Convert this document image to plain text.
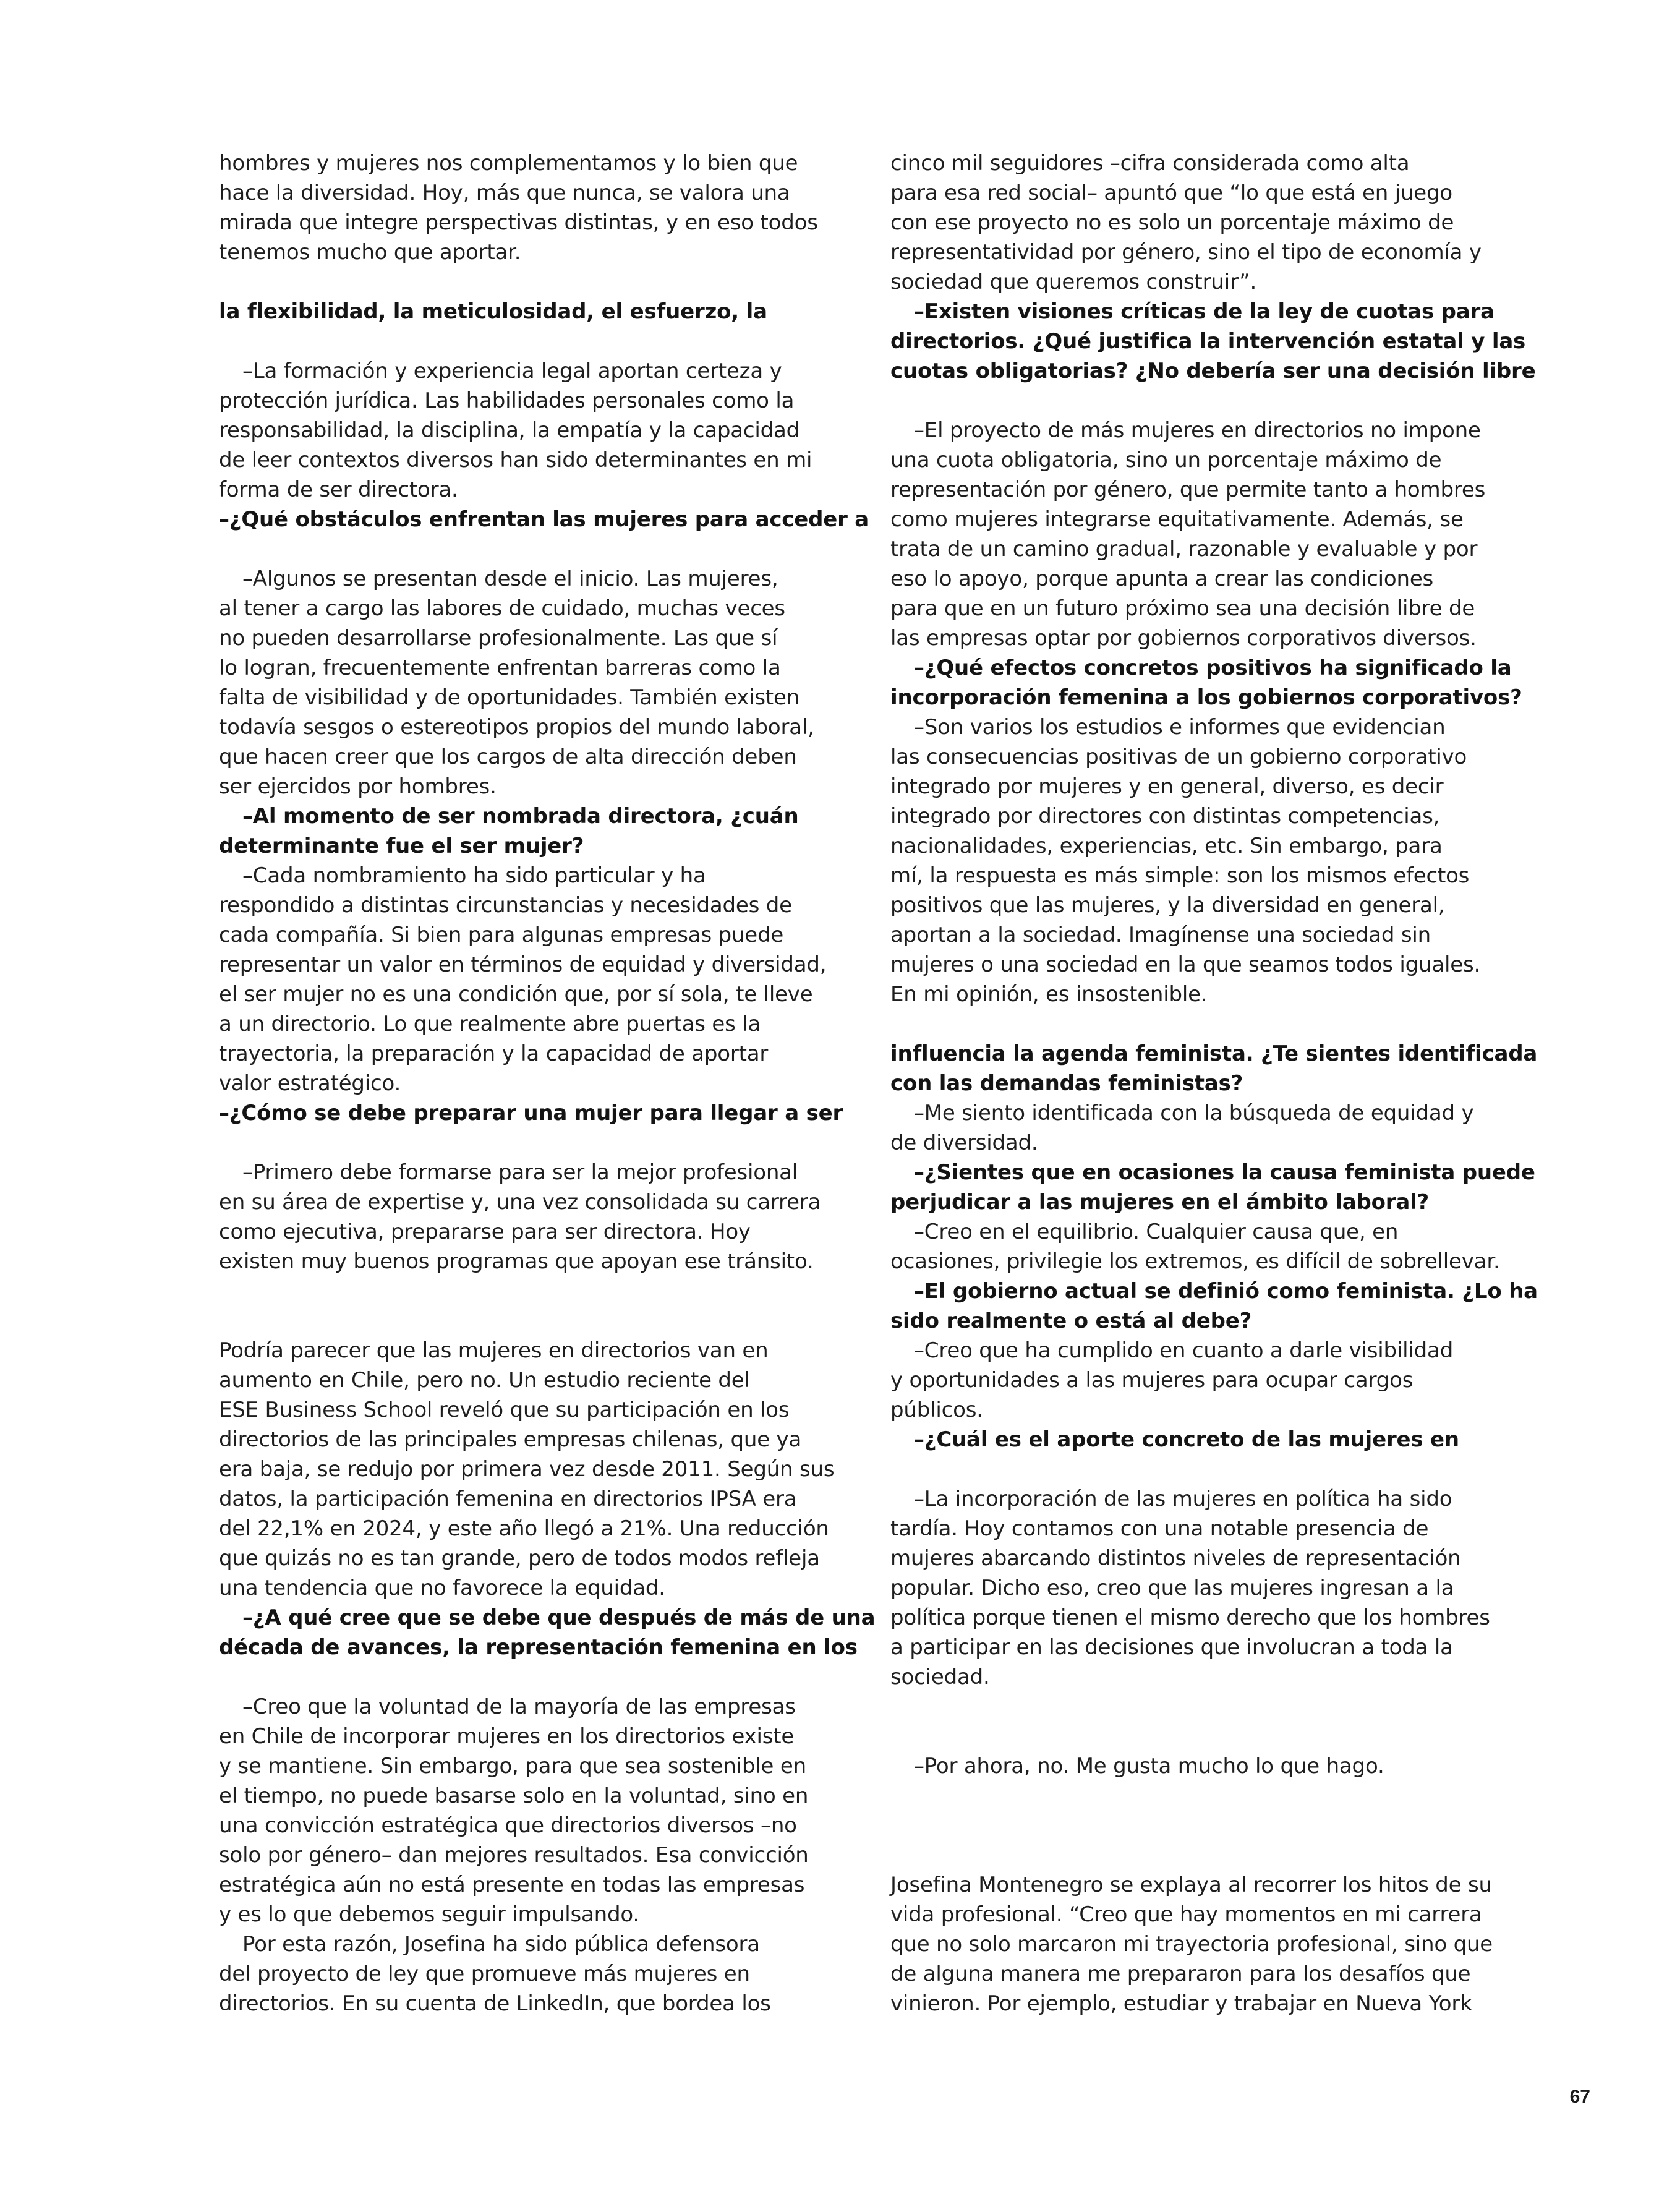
hombres y mujeres nos complementamos y lo bien que
hace la diversidad. Hoy, más que nunca, se valora una
mirada que integre perspectivas distintas, y en eso todos
tenemos mucho que aportar.
la flexibilidad, la meticulosidad, el esfuerzo, la
–La formación y experiencia legal aportan certeza y
protección jurídica. Las habilidades personales como la
responsabilidad, la disciplina, la empatía y la capacidad
de leer contextos diversos han sido determinantes en mi
forma de ser directora.
–¿Qué obstáculos enfrentan las mujeres para acceder a
–Algunos se presentan desde el inicio. Las mujeres,
al tener a cargo las labores de cuidado, muchas veces
no pueden desarrollarse profesionalmente. Las que sí
lo logran, frecuentemente enfrentan barreras como la
falta de visibilidad y de oportunidades. También existen
todavía sesgos o estereotipos propios del mundo laboral,
que hacen creer que los cargos de alta dirección deben
ser ejercidos por hombres.
–Al momento de ser nombrada directora, ¿cuán
determinante fue el ser mujer?
–Cada nombramiento ha sido particular y ha
respondido a distintas circunstancias y necesidades de
cada compañía. Si bien para algunas empresas puede
representar un valor en términos de equidad y diversidad,
el ser mujer no es una condición que, por sí sola, te lleve
a un directorio. Lo que realmente abre puertas es la
trayectoria, la preparación y la capacidad de aportar
valor estratégico.
–¿Cómo se debe preparar una mujer para llegar a ser
–Primero debe formarse para ser la mejor profesional
en su área de expertise y, una vez consolidada su carrera
como ejecutiva, prepararse para ser directora. Hoy
existen muy buenos programas que apoyan ese tránsito.
Podría parecer que las mujeres en directorios van en
aumento en Chile, pero no. Un estudio reciente del
ESE Business School reveló que su participación en los
directorios de las principales empresas chilenas, que ya
era baja, se redujo por primera vez desde 2011. Según sus
datos, la participación femenina en directorios IPSA era
del 22,1% en 2024, y este año llegó a 21%. Una reducción
que quizás no es tan grande, pero de todos modos refleja
una tendencia que no favorece la equidad.
–¿A qué cree que se debe que después de más de una
década de avances, la representación femenina en los
–Creo que la voluntad de la mayoría de las empresas
en Chile de incorporar mujeres en los directorios existe
y se mantiene. Sin embargo, para que sea sostenible en
el tiempo, no puede basarse solo en la voluntad, sino en
una convicción estratégica que directorios diversos –no
solo por género– dan mejores resultados. Esa convicción
estratégica aún no está presente en todas las empresas
y es lo que debemos seguir impulsando.
Por esta razón, Josefina ha sido pública defensora
del proyecto de ley que promueve más mujeres en
directorios. En su cuenta de LinkedIn, que bordea los
cinco mil seguidores –cifra considerada como alta
para esa red social– apuntó que “lo que está en juego
con ese proyecto no es solo un porcentaje máximo de
representatividad por género, sino el tipo de economía y
sociedad que queremos construir”.
–Existen visiones críticas de la ley de cuotas para
directorios. ¿Qué justifica la intervención estatal y las
cuotas obligatorias? ¿No debería ser una decisión libre
–El proyecto de más mujeres en directorios no impone
una cuota obligatoria, sino un porcentaje máximo de
representación por género, que permite tanto a hombres
como mujeres integrarse equitativamente. Además, se
trata de un camino gradual, razonable y evaluable y por
eso lo apoyo, porque apunta a crear las condiciones
para que en un futuro próximo sea una decisión libre de
las empresas optar por gobiernos corporativos diversos.
–¿Qué efectos concretos positivos ha significado la
incorporación femenina a los gobiernos corporativos?
–Son varios los estudios e informes que evidencian
las consecuencias positivas de un gobierno corporativo
integrado por mujeres y en general, diverso, es decir
integrado por directores con distintas competencias,
nacionalidades, experiencias, etc. Sin embargo, para
mí, la respuesta es más simple: son los mismos efectos
positivos que las mujeres, y la diversidad en general,
aportan a la sociedad. Imagínense una sociedad sin
mujeres o una sociedad en la que seamos todos iguales.
En mi opinión, es insostenible.
influencia la agenda feminista. ¿Te sientes identificada
con las demandas feministas?
–Me siento identificada con la búsqueda de equidad y
de diversidad.
–¿Sientes que en ocasiones la causa feminista puede
perjudicar a las mujeres en el ámbito laboral?
–Creo en el equilibrio. Cualquier causa que, en
ocasiones, privilegie los extremos, es difícil de sobrellevar.
–El gobierno actual se definió como feminista. ¿Lo ha
sido realmente o está al debe?
–Creo que ha cumplido en cuanto a darle visibilidad
y oportunidades a las mujeres para ocupar cargos
públicos.
–¿Cuál es el aporte concreto de las mujeres en
–La incorporación de las mujeres en política ha sido
tardía. Hoy contamos con una notable presencia de
mujeres abarcando distintos niveles de representación
popular. Dicho eso, creo que las mujeres ingresan a la
política porque tienen el mismo derecho que los hombres
a participar en las decisiones que involucran a toda la
sociedad.
–Por ahora, no. Me gusta mucho lo que hago.
Josefina Montenegro se explaya al recorrer los hitos de su
vida profesional. “Creo que hay momentos en mi carrera
que no solo marcaron mi trayectoria profesional, sino que
de alguna manera me prepararon para los desafíos que
vinieron. Por ejemplo, estudiar y trabajar en Nueva York
67
